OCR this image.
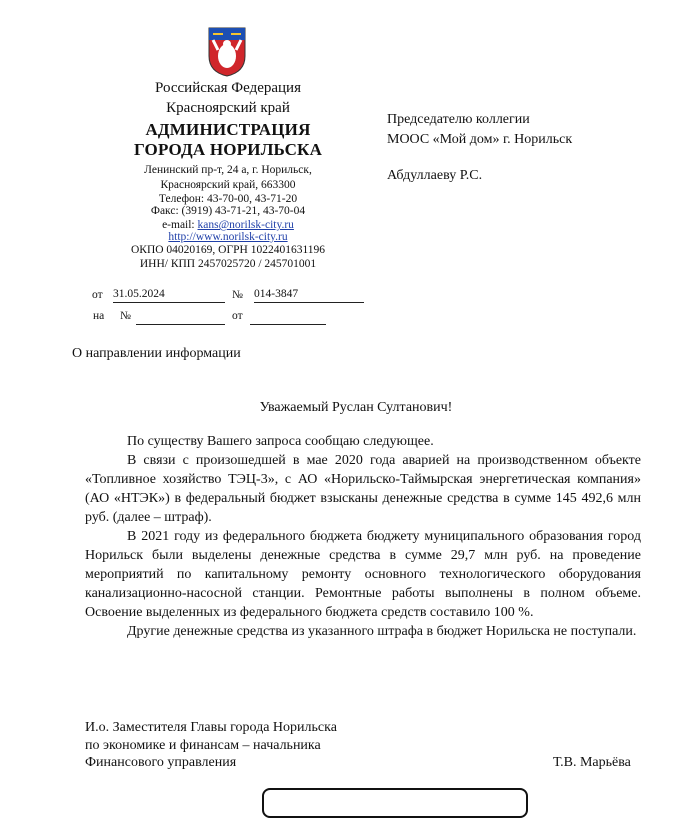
Российская Федерация
Красноярский край
АДМИНИСТРАЦИЯ
ГОРОДА НОРИЛЬСКА
Ленинский пр-т, 24 а, г. Норильск,
Красноярский край, 663300
Телефон: 43-70-00, 43-71-20
Факс: (3919) 43-71-21, 43-70-04
e-mail: kans@norilsk-city.ru
http://www.norilsk-city.ru
ОКПО 04020169, ОГРН 1022401631196
ИНН/ КПП 2457025720 / 245701001
Председателю коллегии
МООС «Мой дом» г. Норильск
Абдуллаеву Р.С.
от 31.05.2024	№ 014-3847
на №	от
О направлении информации
Уважаемый Руслан Султанович!

По существу Вашего запроса сообщаю следующее.

В связи с произошедшей в мае 2020 года аварией на производственном объекте «Топливное хозяйство ТЭЦ-3», с АО «Норильско-Таймырская энергетическая компания» (АО «НТЭК») в федеральный бюджет взысканы денежные средства в сумме 145 492,6 млн руб. (далее – штраф).

В 2021 году из федерального бюджета бюджету муниципального образования город Норильск были выделены денежные средства в сумме 29,7 млн руб. на проведение мероприятий по капитальному ремонту основного технологического оборудования канализационно-насосной станции. Ремонтные работы выполнены в полном объеме. Освоение выделенных из федерального бюджета средств составило 100 %.

Другие денежные средства из указанного штрафа в бюджет Норильска не поступали.

И.о. Заместителя Главы города Норильска
по экономике и финансам – начальника
Финансового управления	Т.В. Марьёва
